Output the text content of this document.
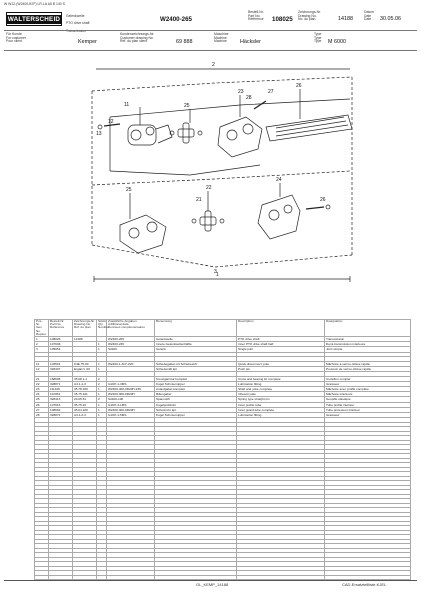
W W12-(W2400-B7F) LR-LA A6 B 140 S
WALTERSCHEID	Gelenkwelle

PTO drive shaft

Transmission

W2400-265
Bestell-Nr.
Part No.
Référence 108025
Zeichnungs-Nr.
Drawing No.
No. du plan	14188
Datum
Date
Date	30.05.06
Für Kunde
For customer
Pour client	Kemper
Kundenzeichnungs-Nr.
Customer drawing No.
Réf. du plan client	69 888
Maschine
Machine
Machine	Häcksler
Type
Type
Type M 6000
2
11
12
13
25
28
23	27
26
21
22
24
26
25
1
3
Pos.-Nr.
Item No.
Repère	Bestell-Nr.
Part No.
Référence	Zeichnungs-Nr.
Drawing No.
Réf. du plan	Stück
Qty.
Nombre	Zusätzliche Angaben
Additional data
Données complémentaires	Benennung	Description	Désignation
1	108025	14188		W2400-265	Gelenkwelle	PTO drive shaft	Transmission
2	107946		1	W2400-236	Innere Gelenkwellenhälfte	Inner PTO drive shaft half	Demi-transmission intérieure
3	105951		1	S2400	Gelenk	Single joint	Joint simple

11	103591	K3E.75.00	1	W2400-1-3/4"-Z20	Schiebegabel mit Schiebestift	Quick-disconnect yoke	Mâchoire à verrou-Glisse rapide
12	328407	Ergänzt. 00	1		Schiebestift kpl.	Push pin	Poussoir de verrou-Glisse rapide

21	168695	35.08.1-1	2		Kreuzgarnitur komplett	Cross and bearing kit complete	Croisillon complet
22	328871	A3.1-1-3	2	G1KP-1-3MS	Kugel Schmiernippel	Lubrication fitting	Graisseur
23	111446	35.78.100	1	W2400-400-0R20H-236	Anlaufgabel komplett	Shaft and yoke complete	Mâchoire avec profilé complète
24	112354	35.75.101	1	W2400-400-0R20H	Rillengabel	Inboard yoke	Mâchoire intérieure
25	328413	20.05.51	2	S2400-100	Spannstift	Spring type straight pin	Goupille élastique
26	107616	35.75.10	1	G1KP-3-1MS	Kugelprofilrohr	Inner profile tube	Tube profilé intérieur
27	108662	35.04.100	1	W2400-400-0R20H	Schutzrohr kpl.	Inner guard tube complete	Tube protecteur intérieur
28	328872	A3.1-2-3	1	G1KP-1-5MS	Kugel Schmiernippel	Lubrication fitting	Graisseur

GL_KEMP_14188	CAD-Ersatzteilliste-KJEL
